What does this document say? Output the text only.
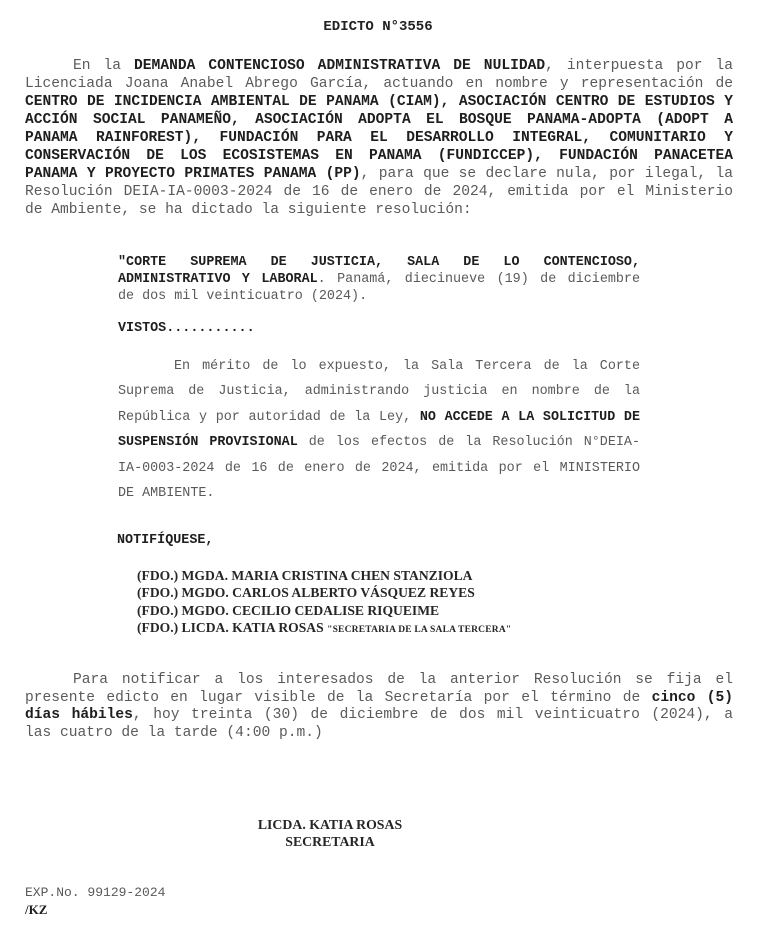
EDICTO N°3556

En la DEMANDA CONTENCIOSO ADMINISTRATIVA DE NULIDAD, interpuesta por la Licenciada Joana Anabel Abrego García, actuando en nombre y representación de CENTRO DE INCIDENCIA AMBIENTAL DE PANAMA (CIAM), ASOCIACIÓN CENTRO DE ESTUDIOS Y ACCIÓN SOCIAL PANAMEÑO, ASOCIACIÓN ADOPTA EL BOSQUE PANAMA-ADOPTA (ADOPT A PANAMA RAINFOREST), FUNDACIÓN PARA EL DESARROLLO INTEGRAL, COMUNITARIO Y CONSERVACIÓN DE LOS ECOSISTEMAS EN PANAMA (FUNDICCEP), FUNDACIÓN PANACETEA PANAMA Y PROYECTO PRIMATES PANAMA (PP), para que se declare nula, por ilegal, la Resolución DEIA-IA-0003-2024 de 16 de enero de 2024, emitida por el Ministerio de Ambiente, se ha dictado la siguiente resolución:

"CORTE SUPREMA DE JUSTICIA, SALA DE LO CONTENCIOSO, ADMINISTRATIVO Y LABORAL. Panamá, diecinueve (19) de diciembre de dos mil veinticuatro (2024).

VISTOS...........

En mérito de lo expuesto, la Sala Tercera de la Corte Suprema de Justicia, administrando justicia en nombre de la República y por autoridad de la Ley, NO ACCEDE A LA SOLICITUD DE SUSPENSIÓN PROVISIONAL de los efectos de la Resolución N°DEIA-IA-0003-2024 de 16 de enero de 2024, emitida por el MINISTERIO DE AMBIENTE.

NOTIFÍQUESE,
(FDO.) MGDA. MARIA CRISTINA CHEN STANZIOLA
(FDO.) MGDO. CARLOS ALBERTO VÁSQUEZ REYES
(FDO.) MGDO. CECILIO CEDALISE RIQUEIME
(FDO.) LICDA. KATIA ROSAS "SECRETARIA DE LA SALA TERCERA"

Para notificar a los interesados de la anterior Resolución se fija el presente edicto en lugar visible de la Secretaría por el término de cinco (5) días hábiles, hoy treinta (30) de diciembre de dos mil veinticuatro (2024), a las cuatro de la tarde (4:00 p.m.)

LICDA. KATIA ROSAS
SECRETARIA
EXP.No. 99129-2024
/KZ
